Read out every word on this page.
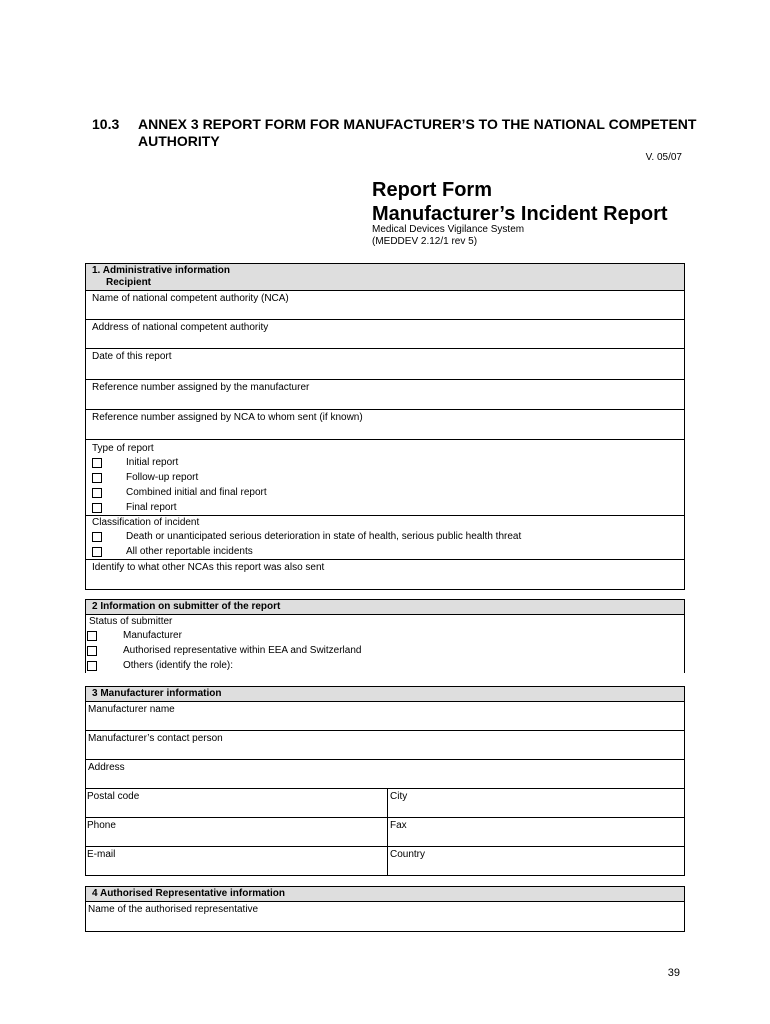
10.3 ANNEX 3 REPORT FORM FOR MANUFACTURER’S TO THE NATIONAL COMPETENT AUTHORITY
V. 05/07
Report Form
Manufacturer’s Incident Report
Medical Devices Vigilance System
(MEDDEV 2.12/1 rev 5)
1. Administrative information
Recipient
Name of national competent authority (NCA)
Address of national competent authority
Date of this report
Reference number assigned by the manufacturer
Reference number assigned by NCA to whom sent (if known)
Type of report
Initial report
Follow-up report
Combined initial and final report
Final report
Classification of incident
Death or unanticipated serious deterioration in state of health, serious public health threat
All other reportable incidents
Identify to what other NCAs this report was also sent
2 Information on submitter of the report
Status of submitter
Manufacturer
Authorised representative within EEA and Switzerland
Others (identify the role):
3 Manufacturer information
Manufacturer name
Manufacturer’s contact person
Address
Postal code	City
Phone	Fax
E-mail	Country
4 Authorised Representative information
Name of the authorised representative
39
